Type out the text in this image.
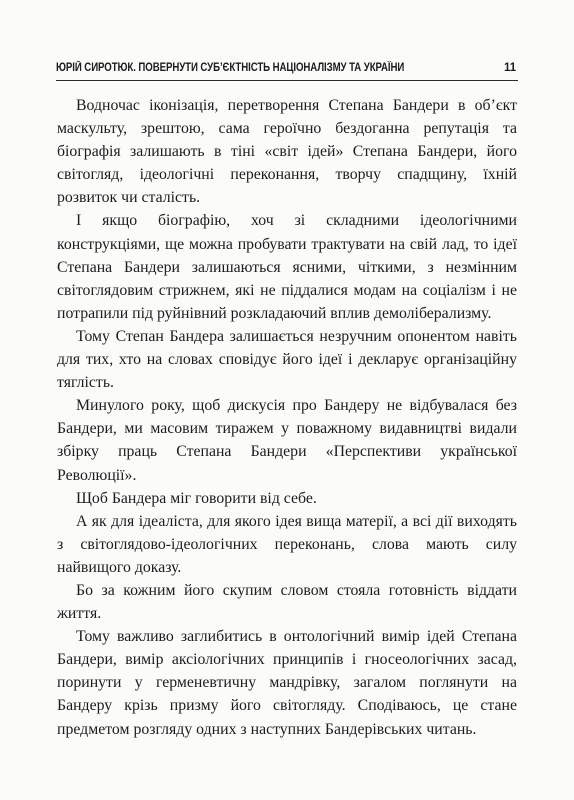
ЮРІЙ СИРОТЮК. ПОВЕРНУТИ СУБ’ЄКТНІСТЬ НАЦІОНАЛІЗМУ ТА УКРАЇНИ	11

Водночас іконізація, перетворення Степана Бандери в об’єкт маскульту, зрештою, сама героїчно бездоганна репутація та біографія залишають в тіні «світ ідей» Степана Бандери, його світогляд, ідеологічні переконання, творчу спадщину, їхній розвиток чи сталість.

І якщо біографію, хоч зі складними ідеологічними конструкціями, ще можна пробувати трактувати на свій лад, то ідеї Степана Бандери залишаються ясними, чіткими, з незмінним світоглядовим стрижнем, які не піддалися модам на соціалізм і не потрапили під руйнівний розкладаючий вплив демоліберализму.

Тому Степан Бандера залишається незручним опонентом навіть для тих, хто на словах сповідує його ідеї і декларує організаційну тяглість.

Минулого року, щоб дискусія про Бандеру не відбувалася без Бандери, ми масовим тиражем у поважному видавництві видали збірку праць Степана Бандери «Перспективи української Революції».

Щоб Бандера міг говорити від себе.

А як для ідеаліста, для якого ідея вища матерії, а всі дії виходять з світоглядово-ідеологічних переконань, слова мають силу найвищого доказу.

Бо за кожним його скупим словом стояла готовність віддати життя.

Тому важливо заглибитись в онтологічний вимір ідей Степана Бандери, вимір аксіологічних принципів і гносеологічних засад, поринути у герменевтичну мандрівку, загалом поглянути на Бандеру крізь призму його світогляду. Сподіваюсь, це стане предметом розгляду одних з наступних Бандерівських читань.
